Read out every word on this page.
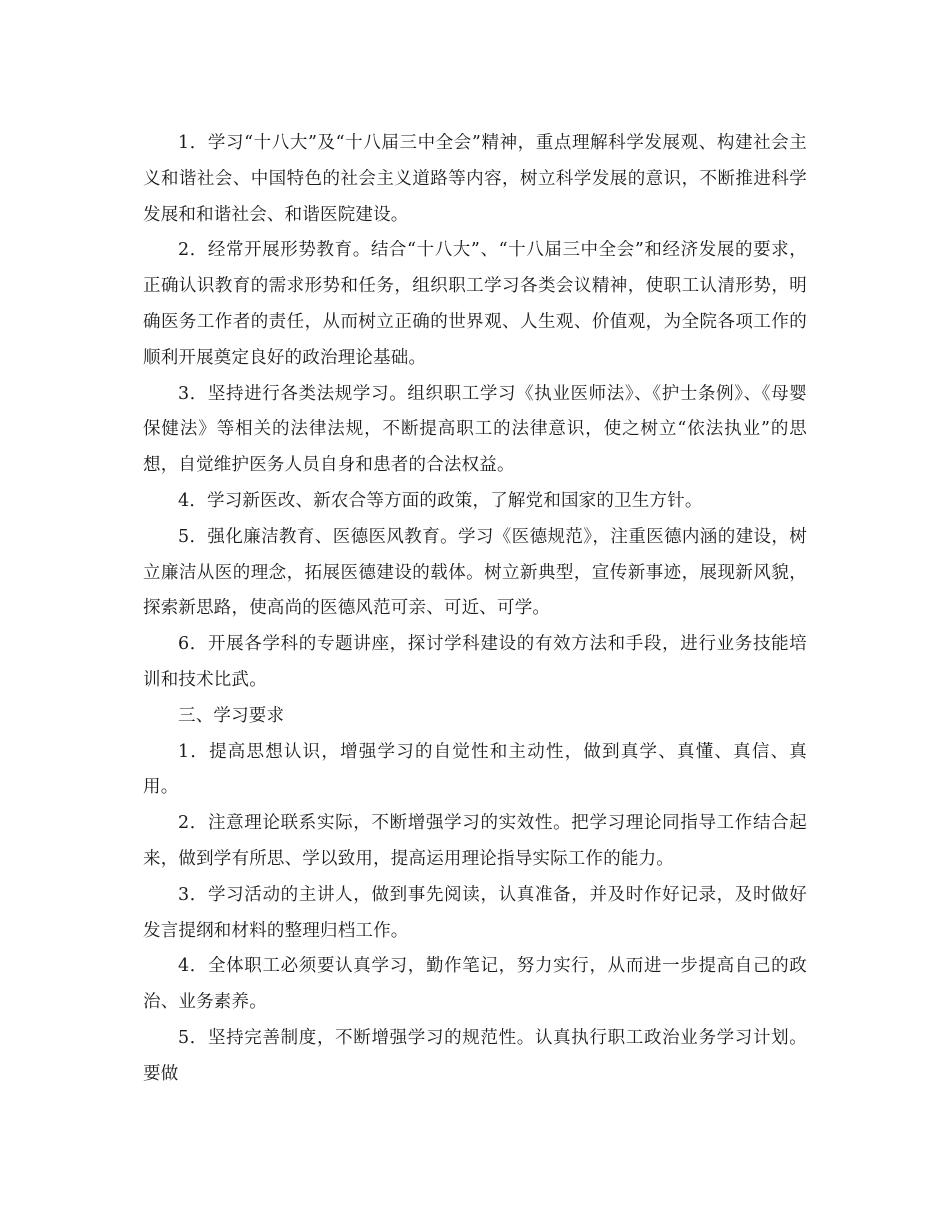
1．学习“十八大”及“十八届三中全会”精神，重点理解科学发展观、构建社会主义和谐社会、中国特色的社会主义道路等内容，树立科学发展的意识，不断推进科学发展和和谐社会、和谐医院建设。

2．经常开展形势教育。结合“十八大”、“十八届三中全会”和经济发展的要求，正确认识教育的需求形势和任务，组织职工学习各类会议精神，使职工认清形势，明确医务工作者的责任，从而树立正确的世界观、人生观、价值观，为全院各项工作的顺利开展奠定良好的政治理论基础。

3．坚持进行各类法规学习。组织职工学习《执业医师法》、《护士条例》、《母婴保健法》等相关的法律法规，不断提高职工的法律意识，使之树立“依法执业”的思想，自觉维护医务人员自身和患者的合法权益。

4．学习新医改、新农合等方面的政策，了解党和国家的卫生方针。

5．强化廉洁教育、医德医风教育。学习《医德规范》，注重医德内涵的建设，树立廉洁从医的理念，拓展医德建设的载体。树立新典型，宣传新事迹，展现新风貌，探索新思路，使高尚的医德风范可亲、可近、可学。

6．开展各学科的专题讲座，探讨学科建设的有效方法和手段，进行业务技能培训和技术比武。

三、学习要求

1．提高思想认识，增强学习的自觉性和主动性，做到真学、真懂、真信、真用。

2．注意理论联系实际，不断增强学习的实效性。把学习理论同指导工作结合起来，做到学有所思、学以致用，提高运用理论指导实际工作的能力。

3．学习活动的主讲人，做到事先阅读，认真准备，并及时作好记录，及时做好发言提纲和材料的整理归档工作。

4．全体职工必须要认真学习，勤作笔记，努力实行，从而进一步提高自己的政治、业务素养。

5．坚持完善制度，不断增强学习的规范性。认真执行职工政治业务学习计划。要做
